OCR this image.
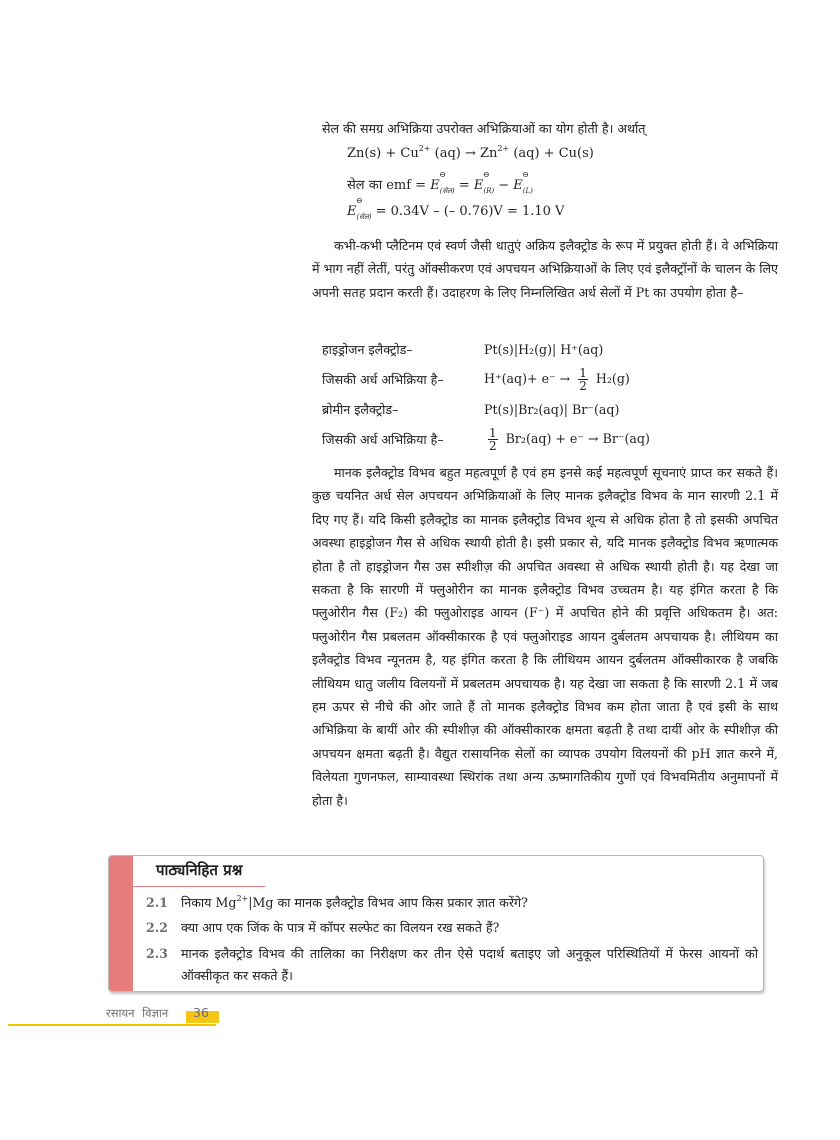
सेल की समग्र अभिक्रिया उपरोक्त अभिक्रियाओं का योग होती है। अर्थात्
$Zn(s) + Cu^{2+}$ $(aq) \to Zn^{2+}$ (aq) + Cu(s)
सेल का emf = E
⊖
$_{(सेल)}$ = E
⊖
$_{(R)}$ − E
⊖
$_{(L)}$
E
⊖
$_{(सेल)}$ = 0.34V – (– 0.76)V = 1.10 V

कभी-कभी प्लैटिनम एवं स्वर्ण जैसी धातुएं अक्रिय इलैक्ट्रोड के रूप में प्रयुक्त होती हैं। वे अभिक्रिया में भाग नहीं लेतीं, परंतु ऑक्सीकरण एवं अपचयन अभिक्रियाओं के लिए एवं इलैक्ट्रॉनों के चालन के लिए अपनी सतह प्रदान करती हैं। उदाहरण के लिए निम्नलिखित अर्ध सेलों में Pt का उपयोग होता है–

हाइड्रोजन इलैक्ट्रोड–	Pt(s)|H₂(g)| H⁺(aq)
जिसकी अर्ध अभिक्रिया है–	$H^+(aq)+ e^- \to \frac{1}{2} H_2(g)$
ब्रोमीन इलैक्ट्रोड–	Pt(s)|Br₂(aq)| Br⁻(aq)
जिसकी अर्ध अभिक्रिया है–	$\frac{1}{2} Br_2(aq) + e^- \to Br^-(aq)$

मानक इलैक्ट्रोड विभव बहुत महत्वपूर्ण है एवं हम इनसे कई महत्वपूर्ण सूचनाएं प्राप्त कर सकते हैं। कुछ चयनित अर्ध सेल अपचयन अभिक्रियाओं के लिए मानक इलैक्ट्रोड विभव के मान सारणी 2.1 में दिए गए हैं। यदि किसी इलैक्ट्रोड का मानक इलैक्ट्रोड विभव शून्य से अधिक होता है तो इसकी अपचित अवस्था हाइड्रोजन गैस से अधिक स्थायी होती है। इसी प्रकार से, यदि मानक इलैक्ट्रोड विभव ऋणात्मक होता है तो हाइड्रोजन गैस उस स्पीशीज़ की अपचित अवस्था से अधिक स्थायी होती है। यह देखा जा सकता है कि सारणी में फ्लुओरीन का मानक इलैक्ट्रोड विभव उच्चतम है। यह इंगित करता है कि फ्लुओरीन गैस (F₂) की फ्लुओराइड आयन (F⁻) में अपचित होने की प्रवृत्ति अधिकतम है। अत: फ्लुओरीन गैस प्रबलतम ऑक्सीकारक है एवं फ्लुओराइड आयन दुर्बलतम अपचायक है। लीथियम का इलैक्ट्रोड विभव न्यूनतम है, यह इंगित करता है कि लीथियम आयन दुर्बलतम ऑक्सीकारक है जबकि लीथियम धातु जलीय विलयनों में प्रबलतम अपचायक है। यह देखा जा सकता है कि सारणी 2.1 में जब हम ऊपर से नीचे की ओर जाते हैं तो मानक इलैक्ट्रोड विभव कम होता जाता है एवं इसी के साथ अभिक्रिया के बायीं ओर की स्पीशीज़ की ऑक्सीकारक क्षमता बढ़ती है तथा दायीं ओर के स्पीशीज़ की अपचयन क्षमता बढ़ती है। वैद्युत रासायनिक सेलों का व्यापक उपयोग विलयनों की pH ज्ञात करने में, विलेयता गुणनफल, साम्यावस्था स्थिरांक तथा अन्य ऊष्मागतिकीय गुणों एवं विभवमितीय अनुमापनों में होता है।

पाठ्यनिहित प्रश्न
2.1	निकाय $Mg^{2+}|Mg$ का मानक इलैक्ट्रोड विभव आप किस प्रकार ज्ञात करेंगे?
2.2	क्या आप एक जिंक के पात्र में कॉपर सल्फेट का विलयन रख सकते हैं?
2.3	मानक इलैक्ट्रोड विभव की तालिका का निरीक्षण कर तीन ऐसे पदार्थ बताइए जो अनुकूल परिस्थितियों में फेरस आयनों को ऑक्सीकृत कर सकते हैं।
रसायन विज्ञान 36
